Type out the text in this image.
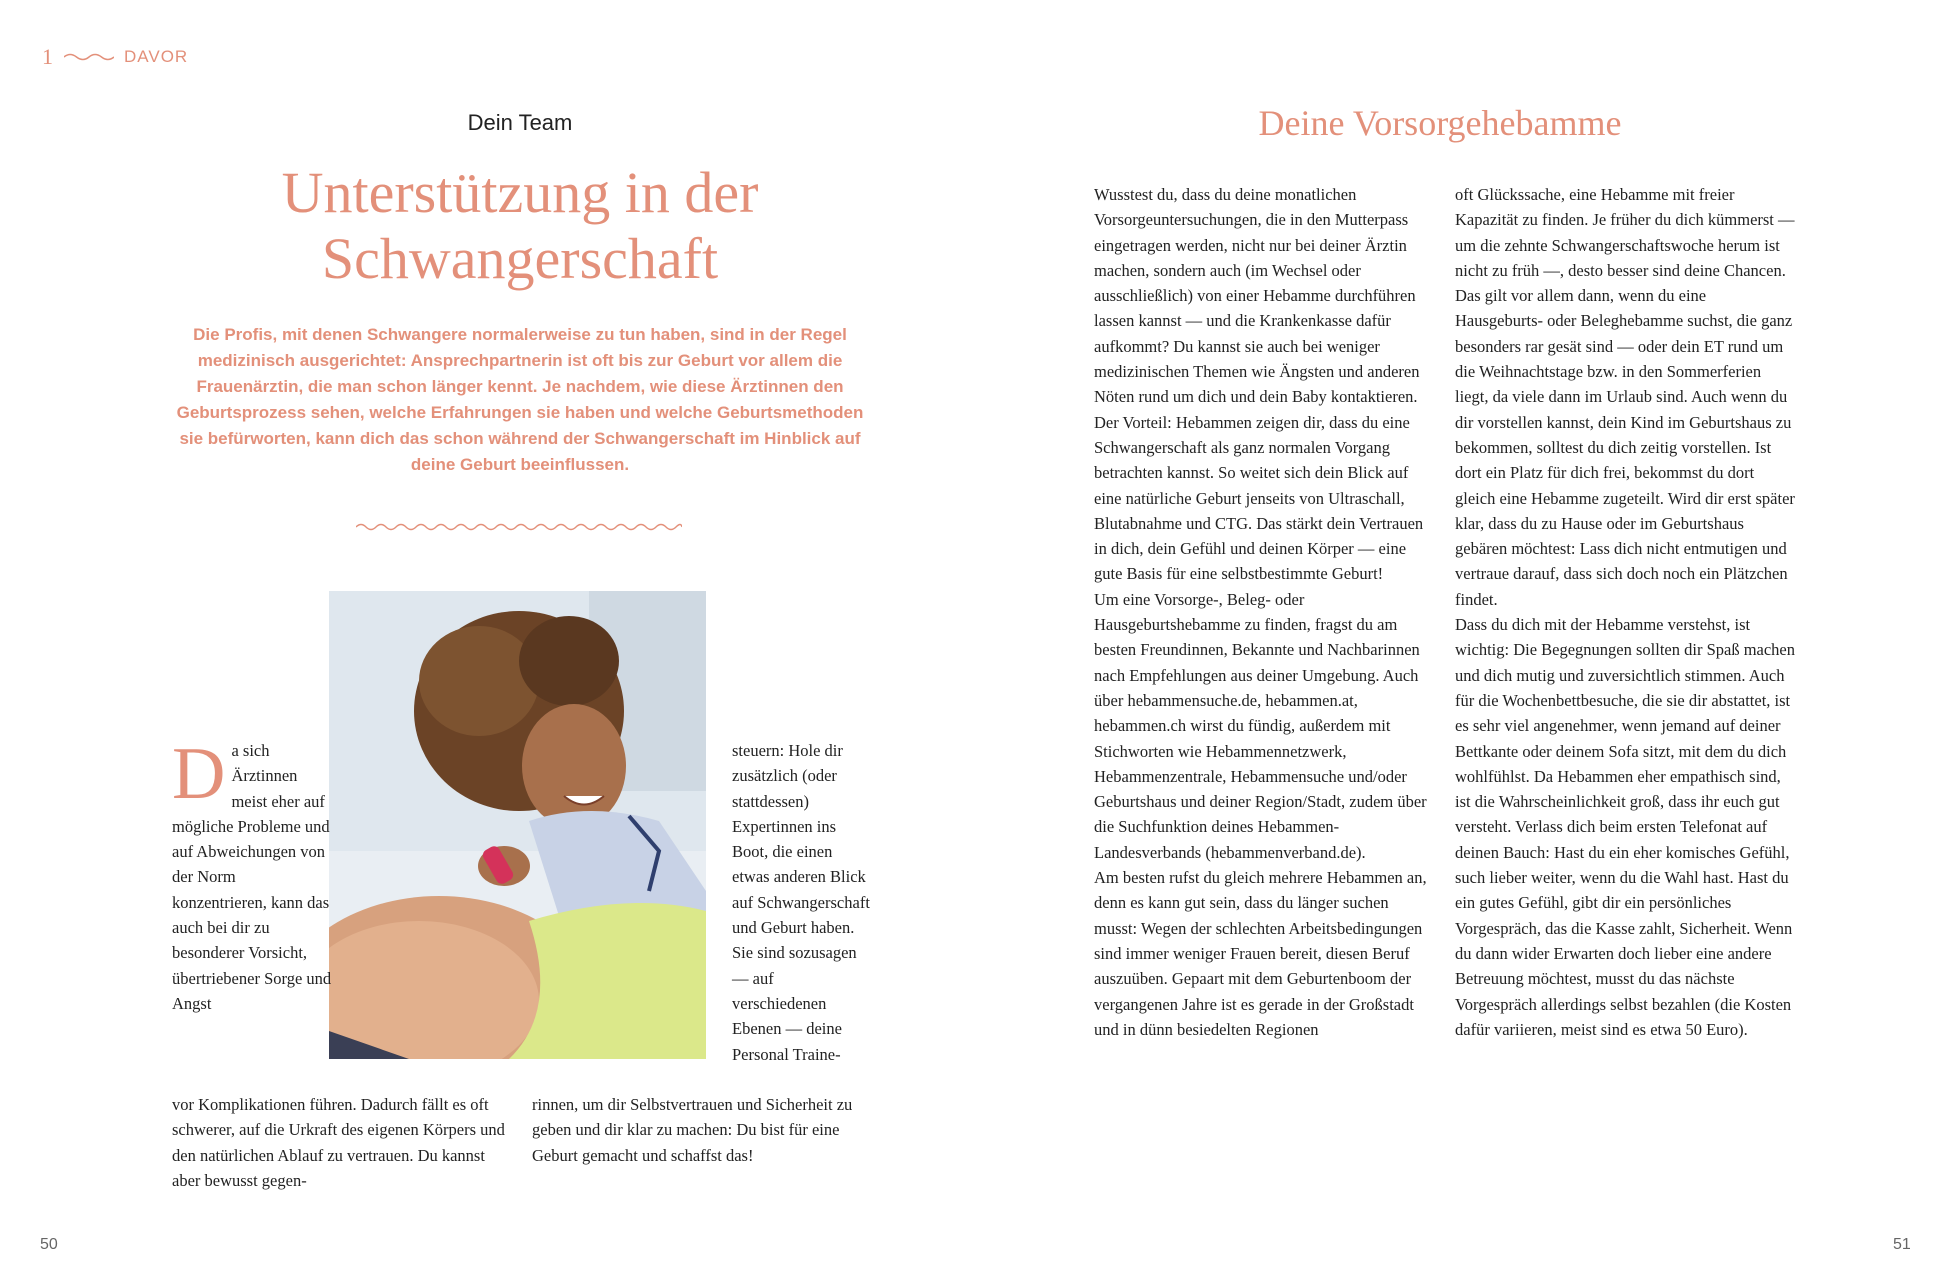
1	DAVOR
Dein Team
Unterstützung in der Schwangerschaft
Die Profis, mit denen Schwangere normalerweise zu tun haben, sind in der Regel medizinisch ausgerichtet: Ansprechpartnerin ist oft bis zur Geburt vor allem die Frauenärztin, die man schon länger kennt. Je nachdem, wie diese Ärztinnen den Geburtsprozess sehen, welche Erfahrungen sie haben und welche Geburtsmethoden sie befürworten, kann dich das schon während der Schwangerschaft im Hinblick auf deine Geburt beeinflussen.
D a sich Ärztinnen meist eher auf mögliche Probleme und auf Abweichungen von der Norm konzentrieren, kann das auch bei dir zu besonderer Vorsicht, übertriebener Sorge und Angst

vor Komplikationen führen. Dadurch fällt es oft schwerer, auf die Urkraft des eigenen Körpers und den natürlichen Ablauf zu vertrauen. Du kannst aber bewusst gegen-

steuern: Hole dir zusätzlich (oder stattdessen) Expertinnen ins Boot, die einen etwas anderen Blick auf Schwangerschaft und Geburt haben. Sie sind sozusagen — auf verschiedenen Ebenen — deine Personal Traine-

rinnen, um dir Selbstvertrauen und Sicherheit zu geben und dir klar zu machen: Du bist für eine Geburt gemacht und schaffst das!

50
Deine Vorsorgehebamme

Wusstest du, dass du deine monatlichen Vorsorgeuntersuchungen, die in den Mutterpass eingetragen werden, nicht nur bei deiner Ärztin machen, sondern auch (im Wechsel oder ausschließlich) von einer Hebamme durchführen lassen kannst — und die Krankenkasse dafür aufkommt? Du kannst sie auch bei weniger medizinischen Themen wie Ängsten und anderen Nöten rund um dich und dein Baby kontaktieren. Der Vorteil: Hebammen zeigen dir, dass du eine Schwangerschaft als ganz normalen Vorgang betrachten kannst. So weitet sich dein Blick auf eine natürliche Geburt jenseits von Ultraschall, Blutabnahme und CTG. Das stärkt dein Vertrauen in dich, dein Gefühl und deinen Körper — eine gute Basis für eine selbstbestimmte Geburt!

Um eine Vorsorge-, Beleg- oder Hausgeburtshebamme zu finden, fragst du am besten Freundinnen, Bekannte und Nachbarinnen nach Empfehlungen aus deiner Umgebung. Auch über hebammensuche.de, hebammen.at, hebammen.ch wirst du fündig, außerdem mit Stichworten wie Hebammennetzwerk, Hebammenzentrale, Hebammensuche und/oder Geburtshaus und deiner Region/Stadt, zudem über die Suchfunktion deines Hebammen-Landesverbands (hebammenverband.de).

Am besten rufst du gleich mehrere Hebammen an, denn es kann gut sein, dass du länger suchen musst: Wegen der schlechten Arbeitsbedingungen sind immer weniger Frauen bereit, diesen Beruf auszuüben. Gepaart mit dem Geburtenboom der vergangenen Jahre ist es gerade in der Großstadt und in dünn besiedelten Regionen

oft Glückssache, eine Hebamme mit freier Kapazität zu finden. Je früher du dich kümmerst — um die zehnte Schwangerschaftswoche herum ist nicht zu früh —, desto besser sind deine Chancen. Das gilt vor allem dann, wenn du eine Hausgeburts- oder Beleghebamme suchst, die ganz besonders rar gesät sind — oder dein ET rund um die Weihnachtstage bzw. in den Sommerferien liegt, da viele dann im Urlaub sind. Auch wenn du dir vorstellen kannst, dein Kind im Geburtshaus zu bekommen, solltest du dich zeitig vorstellen. Ist dort ein Platz für dich frei, bekommst du dort gleich eine Hebamme zugeteilt. Wird dir erst später klar, dass du zu Hause oder im Geburtshaus gebären möchtest: Lass dich nicht entmutigen und vertraue darauf, dass sich doch noch ein Plätzchen findet.

Dass du dich mit der Hebamme verstehst, ist wichtig: Die Begegnungen sollten dir Spaß machen und dich mutig und zuversichtlich stimmen. Auch für die Wochenbettbesuche, die sie dir abstattet, ist es sehr viel angenehmer, wenn jemand auf deiner Bettkante oder deinem Sofa sitzt, mit dem du dich wohlfühlst. Da Hebammen eher empathisch sind, ist die Wahrscheinlichkeit groß, dass ihr euch gut versteht. Verlass dich beim ersten Telefonat auf deinen Bauch: Hast du ein eher komisches Gefühl, such lieber weiter, wenn du die Wahl hast. Hast du ein gutes Gefühl, gibt dir ein persönliches Vorgespräch, das die Kasse zahlt, Sicherheit. Wenn du dann wider Erwarten doch lieber eine andere Betreuung möchtest, musst du das nächste Vorgespräch allerdings selbst bezahlen (die Kosten dafür variieren, meist sind es etwa 50 Euro).

51
